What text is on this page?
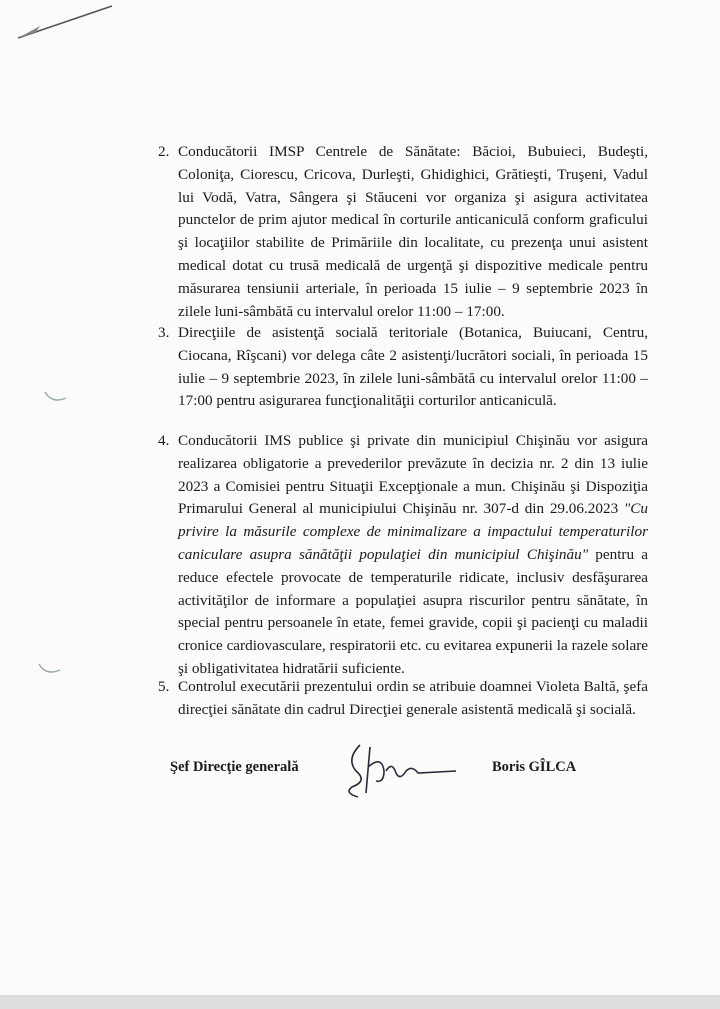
2. Conducătorii IMSP Centrele de Sănătate: Băcioi, Bubuieci, Budeşti, Coloniţa, Ciorescu, Cricova, Durleşti, Ghidighici, Grătieşti, Truşeni, Vadul lui Vodă, Vatra, Sângera şi Stăuceni vor organiza şi asigura activitatea punctelor de prim ajutor medical în corturile anticaniculă conform graficului şi locaţiilor stabilite de Primăriile din localitate, cu prezenţa unui asistent medical dotat cu trusă medicală de urgenţă şi dispozitive medicale pentru măsurarea tensiunii arteriale, în perioada 15 iulie – 9 septembrie 2023 în zilele luni-sâmbătă cu intervalul orelor 11:00 – 17:00.
3. Direcţiile de asistenţă socială teritoriale (Botanica, Buiucani, Centru, Ciocana, Rîşcani) vor delega câte 2 asistenţi/lucrători sociali, în perioada 15 iulie – 9 septembrie 2023, în zilele luni-sâmbătă cu intervalul orelor 11:00 – 17:00 pentru asigurarea funcţionalităţii corturilor anticaniculă.
4. Conducătorii IMS publice şi private din municipiul Chişinău vor asigura realizarea obligatorie a prevederilor prevăzute în decizia nr. 2 din 13 iulie 2023 a Comisiei pentru Situaţii Excepţionale a mun. Chişinău şi Dispoziţia Primarului General al municipiului Chişinău nr. 307-d din 29.06.2023 "Cu privire la măsurile complexe de minimalizare a impactului temperaturilor caniculare asupra sănătăţii populaţiei din municipiul Chişinău" pentru a reduce efectele provocate de temperaturile ridicate, inclusiv desfăşurarea activităţilor de informare a populaţiei asupra riscurilor pentru sănătate, în special pentru persoanele în etate, femei gravide, copii şi pacienţi cu maladii cronice cardiovasculare, respiratorii etc. cu evitarea expunerii la razele solare şi obligativitatea hidratării suficiente.
5. Controlul executării prezentului ordin se atribuie doamnei Violeta Baltă, şefa direcţiei sănătate din cadrul Direcţiei generale asistentă medicală şi socială.
Şef Direcţie generală	Boris GÎLCA
